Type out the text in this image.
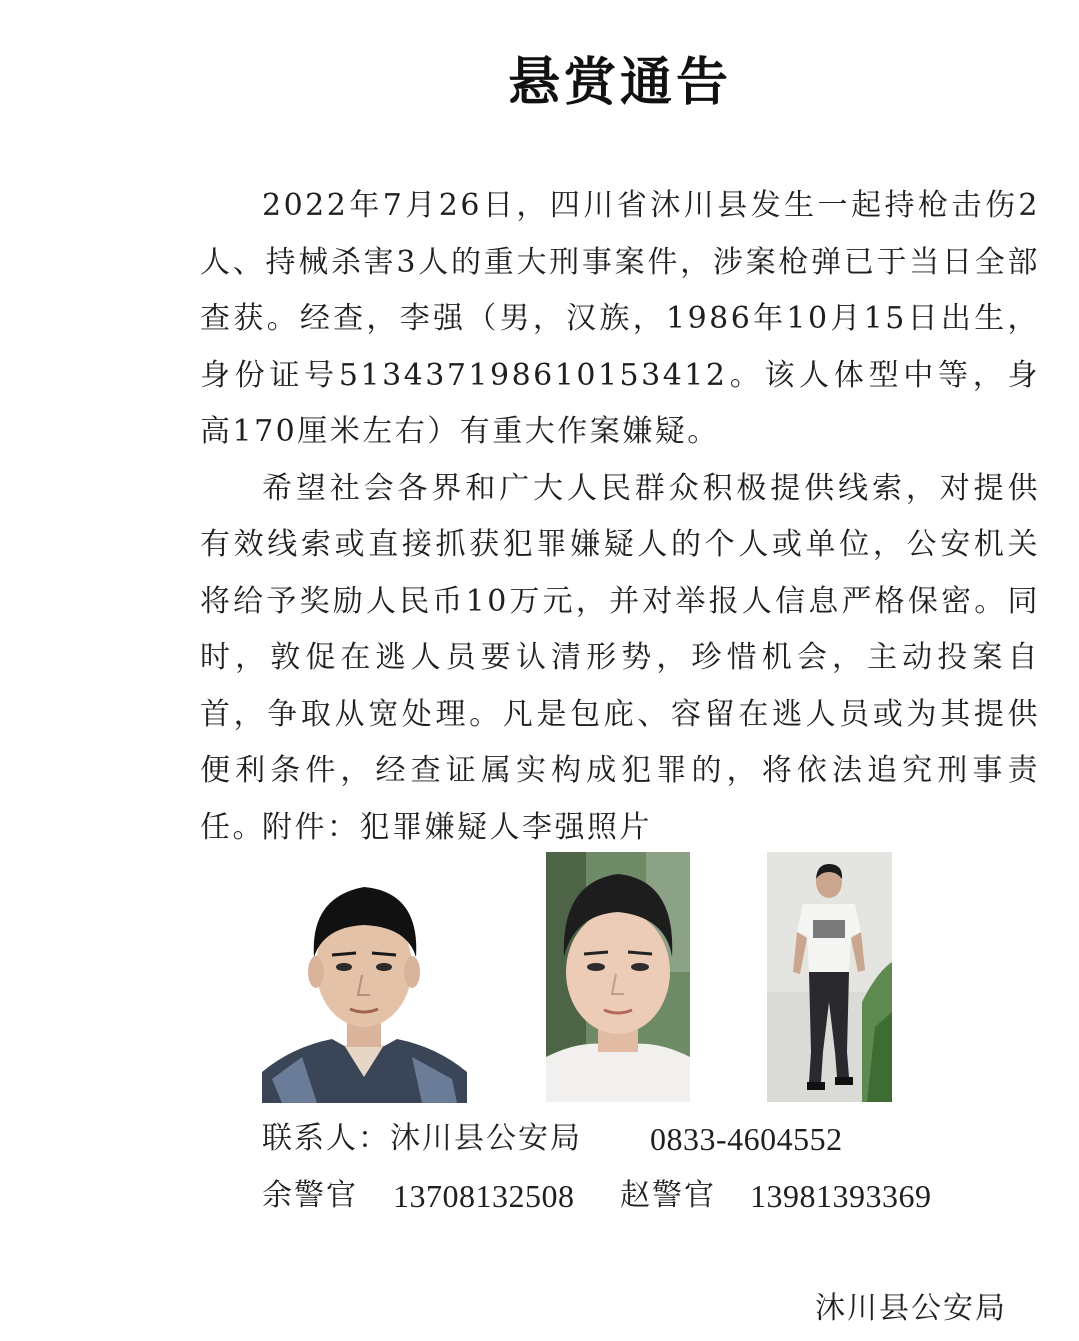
悬赏通告

2022年7月26日，四川省沐川县发生一起持枪击伤2人、持械杀害3人的重大刑事案件，涉案枪弹已于当日全部查获。经查，李强（男，汉族，1986年10月15日出生，身份证号513437198610153412。该人体型中等，身高170厘米左右）有重大作案嫌疑。

希望社会各界和广大人民群众积极提供线索，对提供有效线索或直接抓获犯罪嫌疑人的个人或单位，公安机关将给予奖励人民币10万元，并对举报人信息严格保密。同时，敦促在逃人员要认清形势，珍惜机会，主动投案自首，争取从宽处理。凡是包庇、容留在逃人员或为其提供便利条件，经查证属实构成犯罪的，将依法追究刑事责任。

附件：犯罪嫌疑人李强照片
联系人：沐川县公安局 0833-4604552
余警官 13708132508 赵警官 13981393369
沐川县公安局
